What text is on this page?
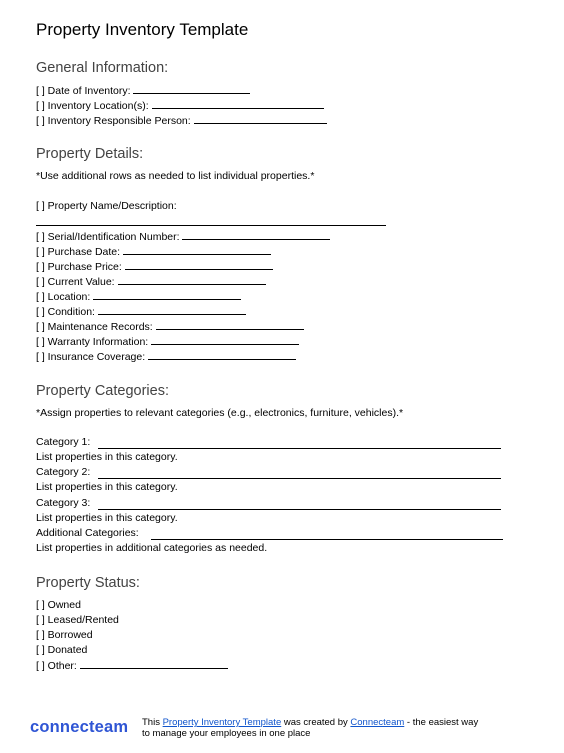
Property Inventory Template
General Information:
[ ] Date of Inventory:
[ ] Inventory Location(s):
[ ] Inventory Responsible Person:
Property Details:
*Use additional rows as needed to list individual properties.*
[ ] Property Name/Description:
[ ] Serial/Identification Number:
[ ] Purchase Date:
[ ] Purchase Price:
[ ] Current Value:
[ ] Location:
[ ] Condition:
[ ] Maintenance Records:
[ ] Warranty Information:
[ ] Insurance Coverage:
Property Categories:
*Assign properties to relevant categories (e.g., electronics, furniture, vehicles).*
Category 1:
List properties in this category.
Category 2:
List properties in this category.
Category 3:
List properties in this category.
Additional Categories:
List properties in additional categories as needed.
Property Status:
[ ] Owned
[ ] Leased/Rented
[ ] Borrowed
[ ] Donated
[ ] Other:
connecteam This Property Inventory Template was created by Connecteam - the easiest way
to manage your employees in one place
